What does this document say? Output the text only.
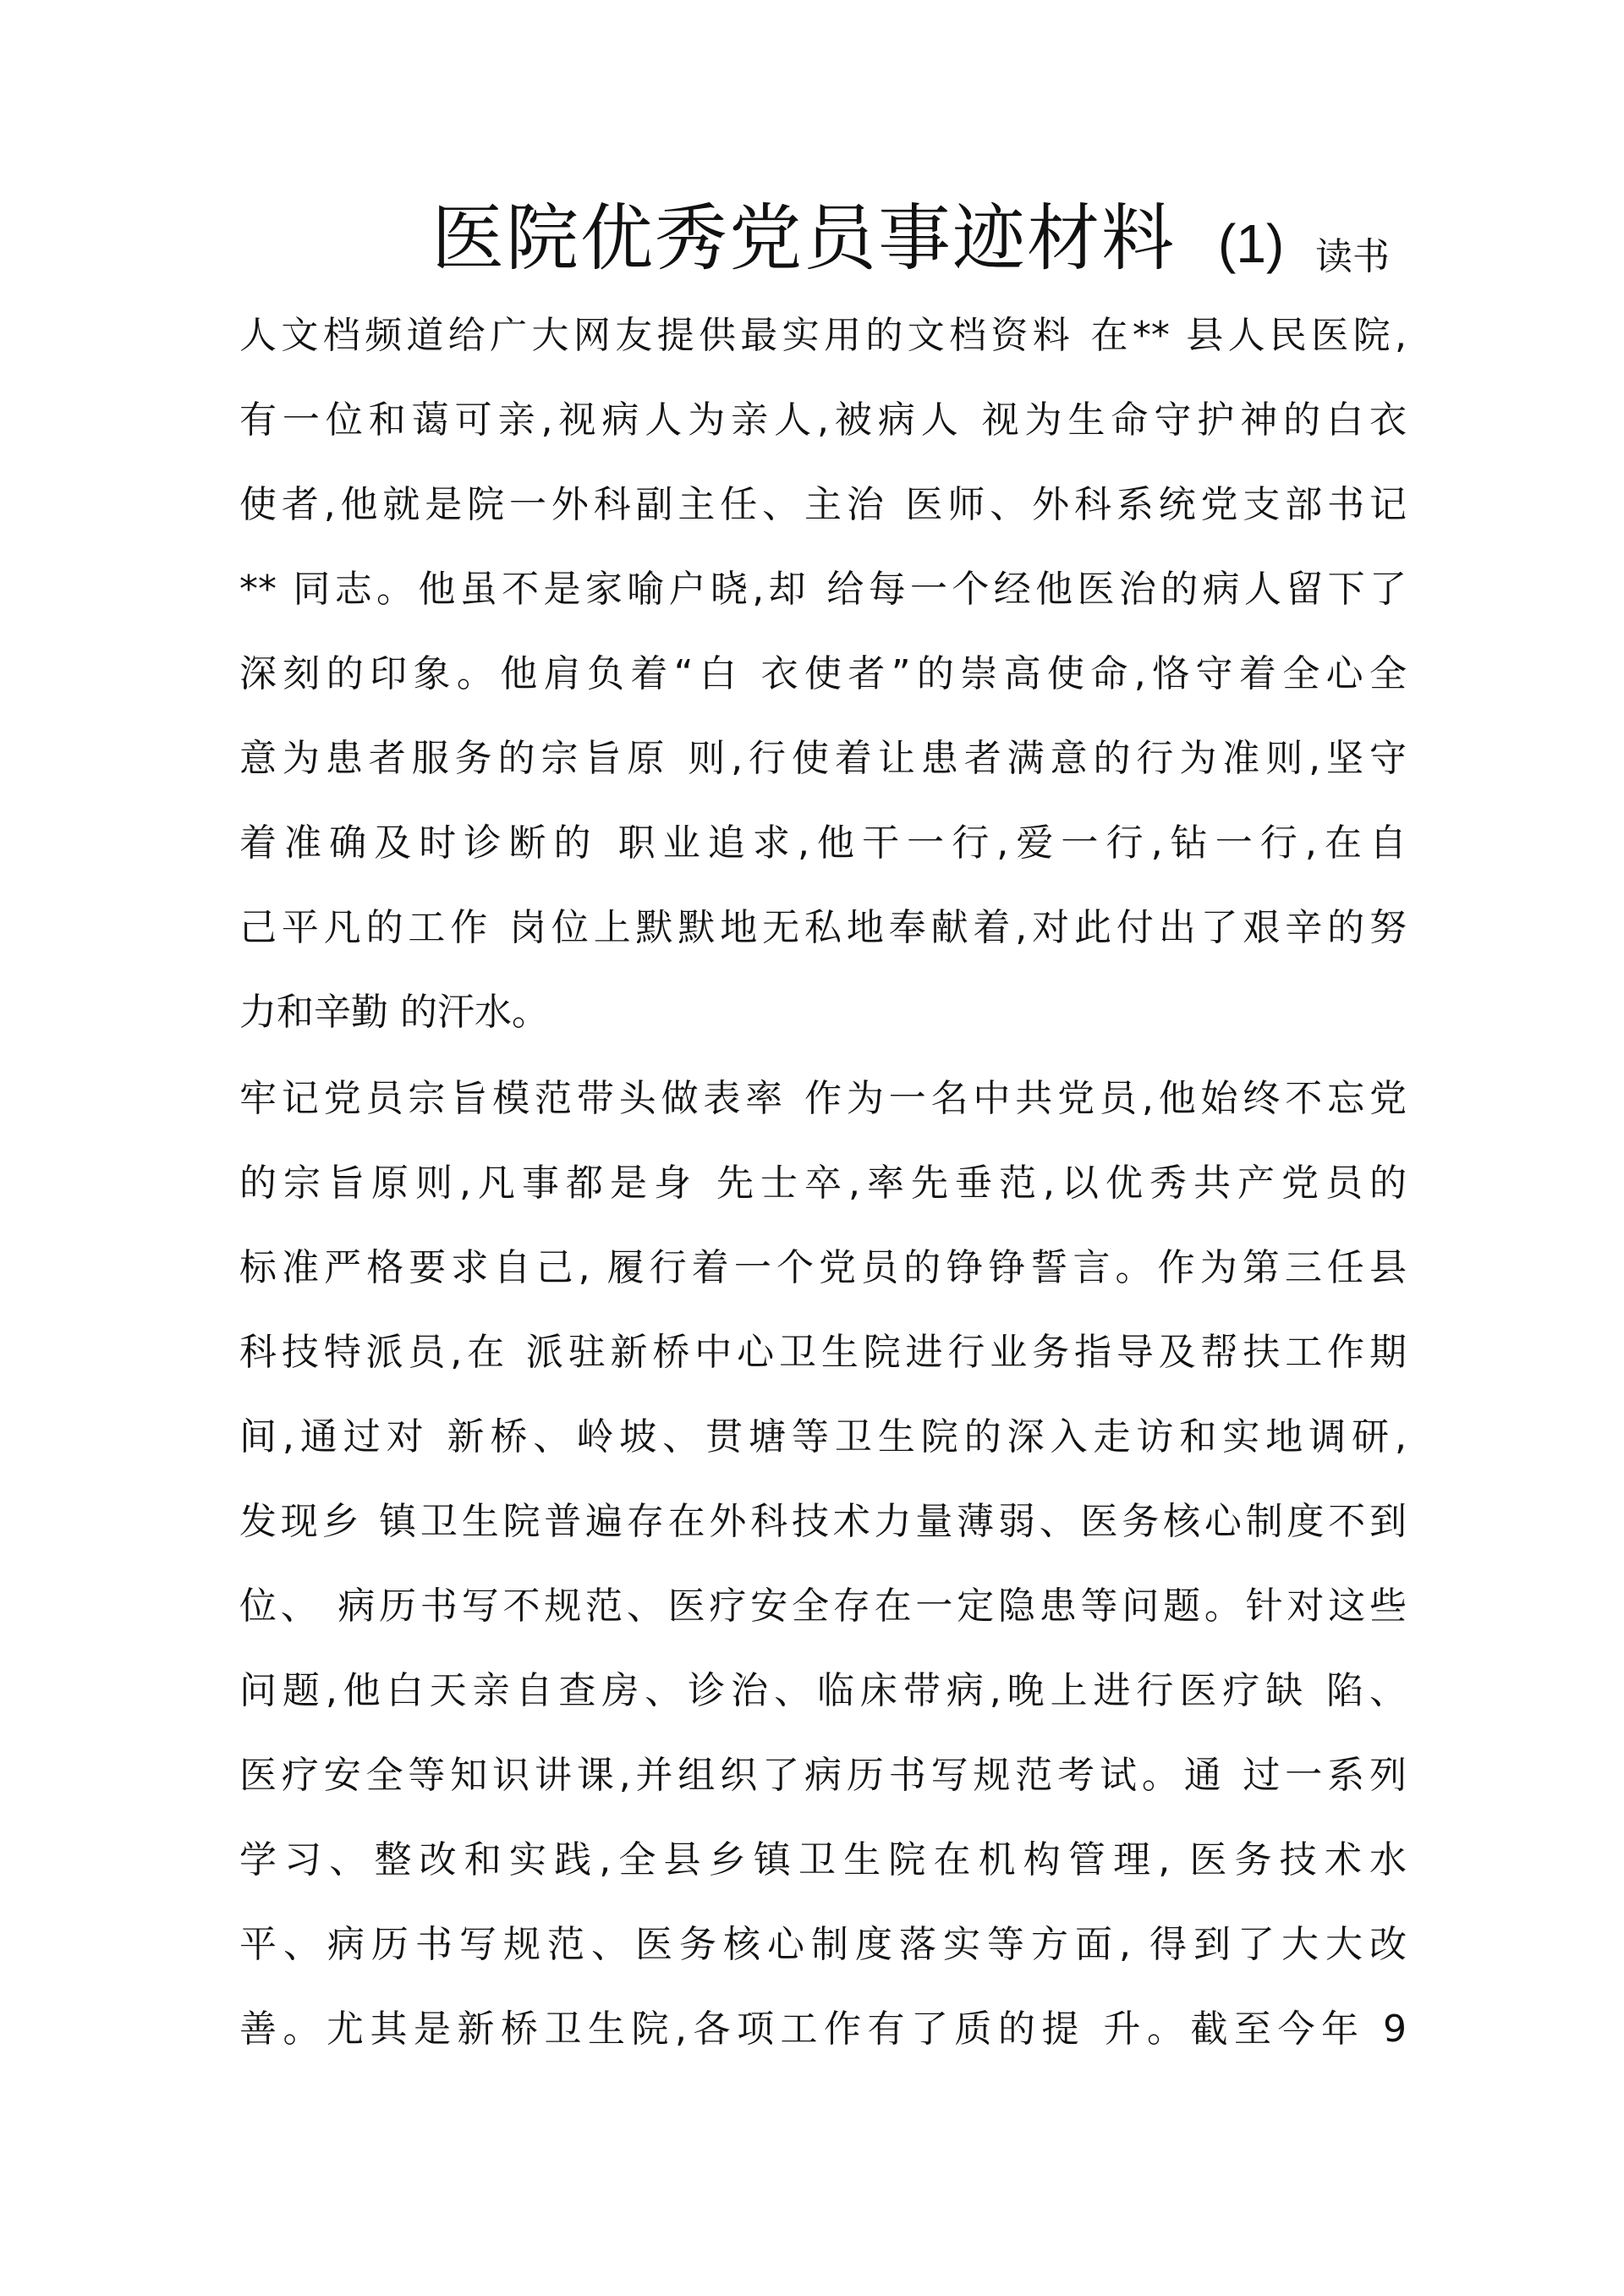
医院优秀党员事迹材料 (1) 读书
人文档频道给广大网友提供最实用的文档资料 在** 县人民医院,
有一位和蔼可亲,视病人为亲人,被病人 视为生命守护神的白衣
使者,他就是院一外科副主任、主治 医师、外科系统党支部书记
** 同志。他虽不是家喻户晓,却 给每一个经他医治的病人留下了
深刻的印象。他肩负着“白 衣使者”的崇高使命,恪守着全心全
意为患者服务的宗旨原 则,行使着让患者满意的行为准则,坚守
着准确及时诊断的 职业追求,他干一行,爱一行,钻一行,在自
己平凡的工作 岗位上默默地无私地奉献着,对此付出了艰辛的努
力和辛勤 的汗水。
牢记党员宗旨模范带头做表率 作为一名中共党员,他始终不忘党
的宗旨原则,凡事都是身 先士卒,率先垂范,以优秀共产党员的
标准严格要求自己, 履行着一个党员的铮铮誓言。作为第三任县
科技特派员,在 派驻新桥中心卫生院进行业务指导及帮扶工作期
间,通过对 新桥、岭坡、贯塘等卫生院的深入走访和实地调研,
发现乡 镇卫生院普遍存在外科技术力量薄弱、医务核心制度不到
位、 病历书写不规范、医疗安全存在一定隐患等问题。针对这些
问题,他白天亲自查房、诊治、临床带病,晚上进行医疗缺 陷、
医疗安全等知识讲课,并组织了病历书写规范考试。通 过一系列
学习、整改和实践,全县乡镇卫生院在机构管理, 医务技术水
平、病历书写规范、医务核心制度落实等方面, 得到了大大改
善。尤其是新桥卫生院,各项工作有了质的提 升。截至今年 9
